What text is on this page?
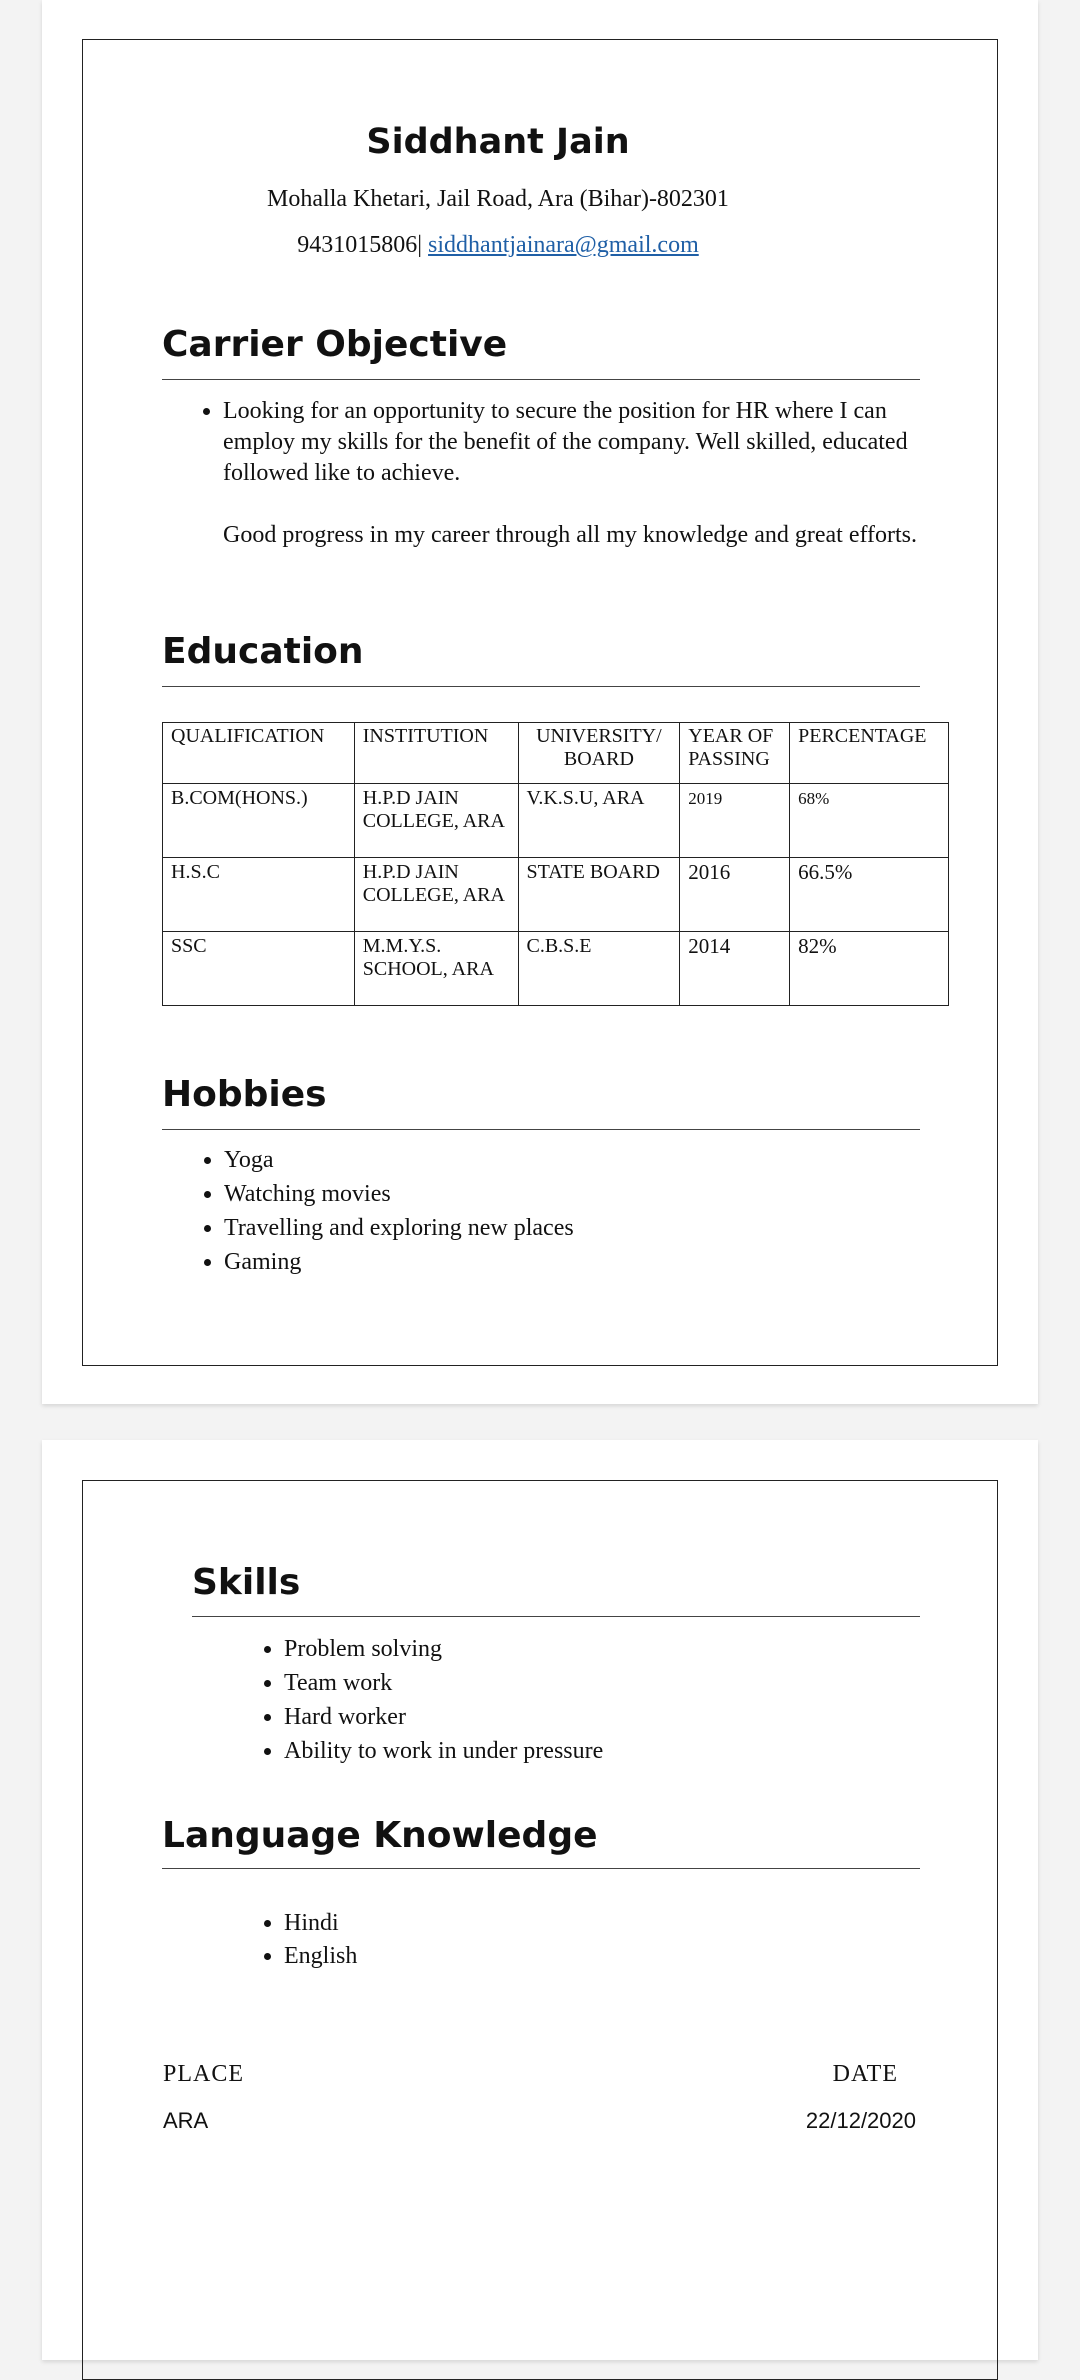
Siddhant Jain
Mohalla Khetari, Jail Road, Ara (Bihar)-802301
9431015806| siddhantjainara@gmail.com
Carrier Objective
• Looking for an opportunity to secure the position for HR where I can employ my skills for the benefit of the company. Well skilled, educated followed like to achieve.

Good progress in my career through all my knowledge and great efforts.

Education
QUALIFICATION	INSTITUTION	UNIVERSITY/ BOARD	YEAR OF PASSING	PERCENTAGE
B.COM(HONS.)	H.P.D JAIN COLLEGE, ARA	V.K.S.U, ARA	2019	68%
H.S.C	H.P.D JAIN COLLEGE, ARA	STATE BOARD	2016	66.5%
SSC	M.M.Y.S. SCHOOL, ARA	C.B.S.E	2014	82%
Hobbies
• Yoga
• Watching movies
• Travelling and exploring new places
• Gaming
Skills
• Problem solving
• Team work
• Hard worker
• Ability to work in under pressure
Language Knowledge
• Hindi
• English
PLACE	DATE
ARA	22/12/2020
